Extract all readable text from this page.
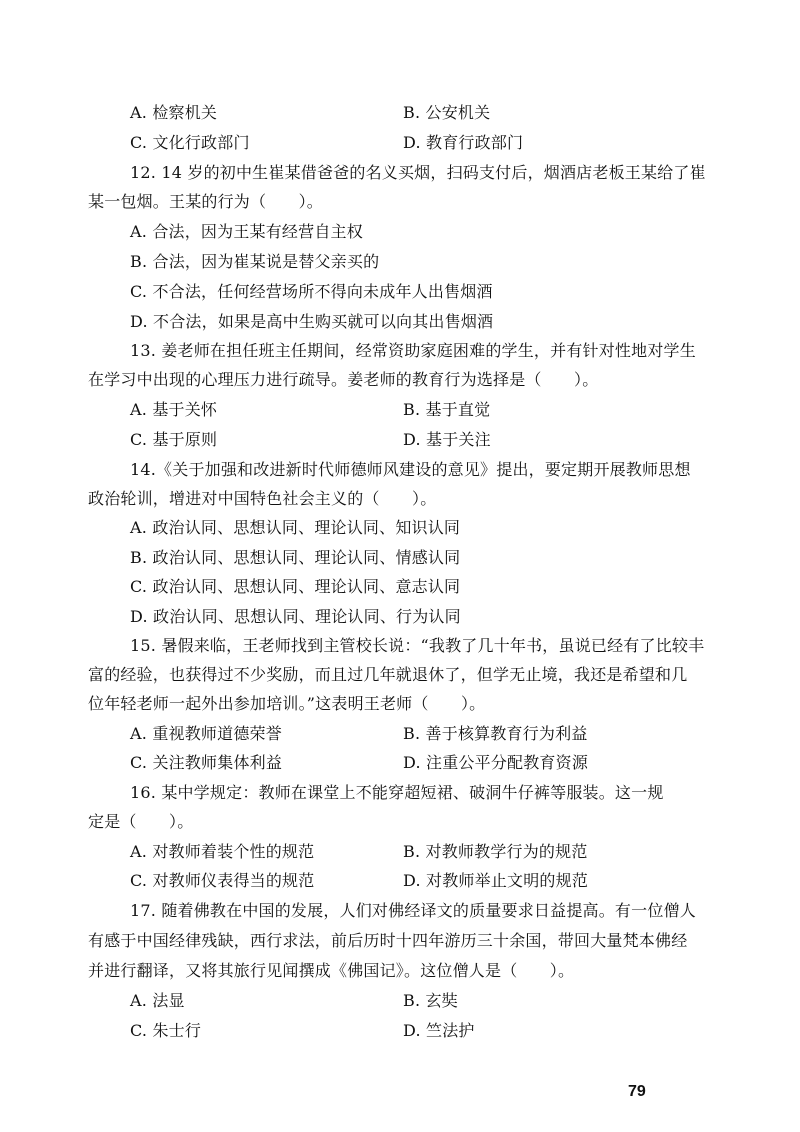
A. 检察机关	B. 公安机关
C. 文化行政部门	D. 教育行政部门
12. 14 岁的初中生崔某借爸爸的名义买烟，扫码支付后，烟酒店老板王某给了崔
某一包烟。王某的行为（　　）。
A. 合法，因为王某有经营自主权
B. 合法，因为崔某说是替父亲买的
C. 不合法，任何经营场所不得向未成年人出售烟酒
D. 不合法，如果是高中生购买就可以向其出售烟酒
13. 姜老师在担任班主任期间，经常资助家庭困难的学生，并有针对性地对学生
在学习中出现的心理压力进行疏导。姜老师的教育行为选择是（　　）。
A. 基于关怀	B. 基于直觉
C. 基于原则	D. 基于关注
14.《关于加强和改进新时代师德师风建设的意见》提出，要定期开展教师思想
政治轮训，增进对中国特色社会主义的（　　）。
A. 政治认同、思想认同、理论认同、知识认同
B. 政治认同、思想认同、理论认同、情感认同
C. 政治认同、思想认同、理论认同、意志认同
D. 政治认同、思想认同、理论认同、行为认同
15. 暑假来临，王老师找到主管校长说：“我教了几十年书，虽说已经有了比较丰
富的经验，也获得过不少奖励，而且过几年就退休了，但学无止境，我还是希望和几
位年轻老师一起外出参加培训。”这表明王老师（　　）。
A. 重视教师道德荣誉	B. 善于核算教育行为利益
C. 关注教师集体利益	D. 注重公平分配教育资源
16. 某中学规定：教师在课堂上不能穿超短裙、破洞牛仔裤等服装。这一规
定是（　　）。
A. 对教师着装个性的规范	B. 对教师教学行为的规范
C. 对教师仪表得当的规范	D. 对教师举止文明的规范
17. 随着佛教在中国的发展，人们对佛经译文的质量要求日益提高。有一位僧人
有感于中国经律残缺，西行求法，前后历时十四年游历三十余国，带回大量梵本佛经
并进行翻译，又将其旅行见闻撰成《佛国记》。这位僧人是（　　）。
A. 法显	B. 玄奘
C. 朱士行	D. 竺法护
79
